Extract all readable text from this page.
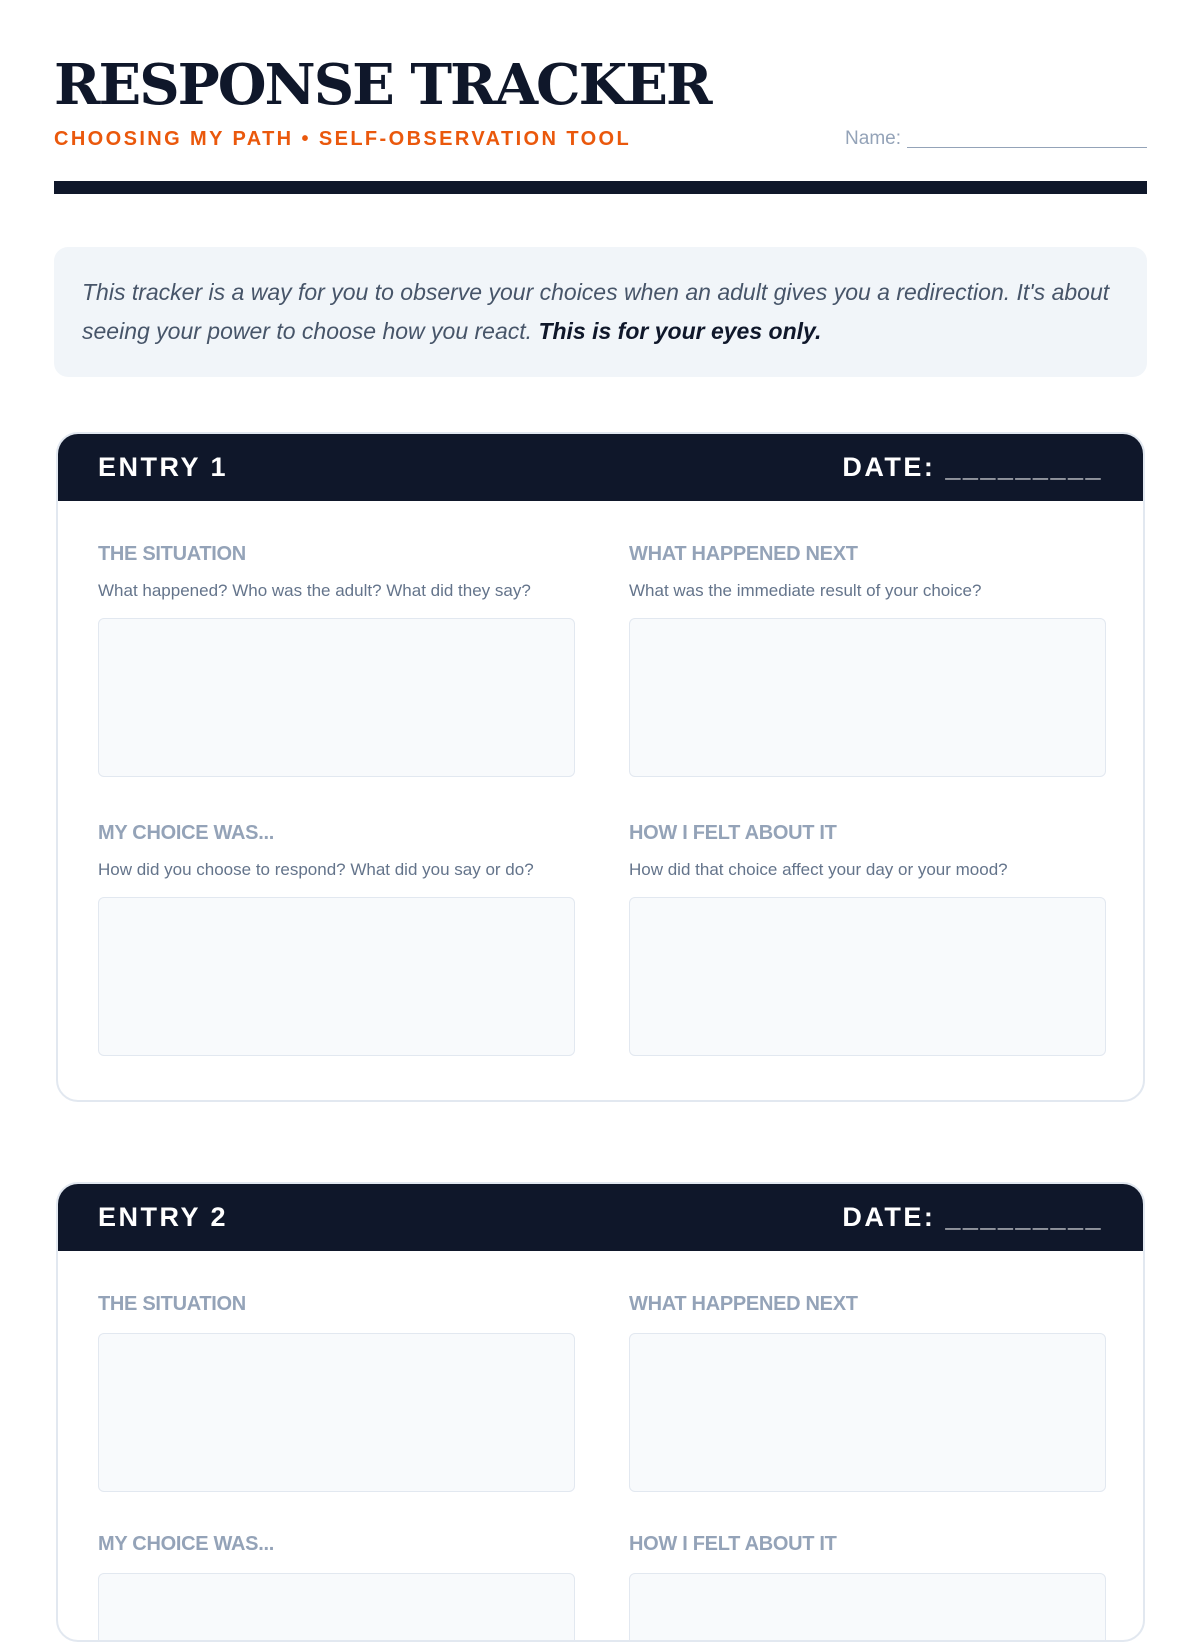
RESPONSE TRACKER
CHOOSING MY PATH • SELF-OBSERVATION TOOL	Name:
This tracker is a way for you to observe your choices when an adult gives you a redirection. It's about seeing your power to choose how you react. This is for your eyes only.
ENTRY 1	DATE: _________
THE SITUATION
What happened? Who was the adult? What did they say?
WHAT HAPPENED NEXT
What was the immediate result of your choice?
MY CHOICE WAS...
How did you choose to respond? What did you say or do?
HOW I FELT ABOUT IT
How did that choice affect your day or your mood?
ENTRY 2	DATE: _________
THE SITUATION	WHAT HAPPENED NEXT
MY CHOICE WAS...	HOW I FELT ABOUT IT
